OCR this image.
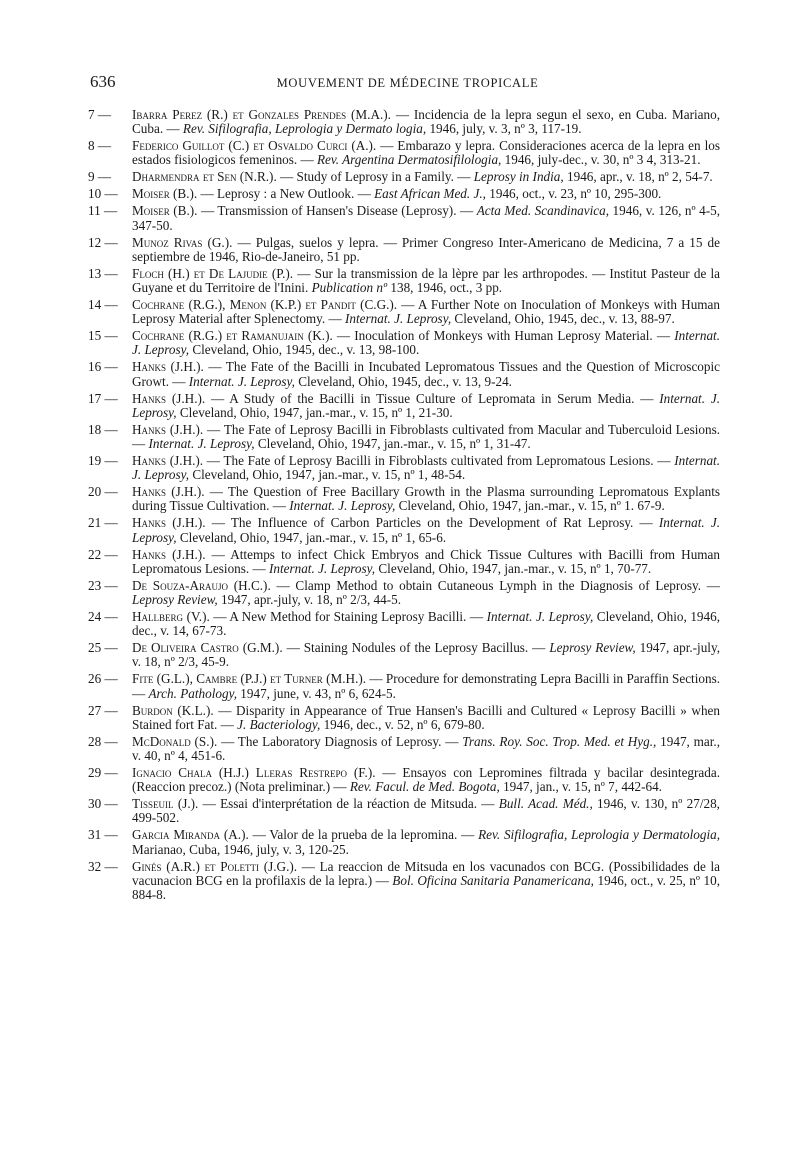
636	MOUVEMENT DE MÉDECINE TROPICALE
7 —	Ibarra Perez (R.) et Gonzales Prendes (M.A.). — Incidencia de la lepra segun el sexo, en Cuba. Mariano, Cuba. — Rev. Sifilografia, Leprologia y Dermato logia, 1946, july, v. 3, nº 3, 117-19.
8 —	Federico Guillot (C.) et Osvaldo Curci (A.). — Embarazo y lepra. Consideraciones acerca de la lepra en los estados fisiologicos femeninos. — Rev. Argentina Dermatosifilologia, 1946, july-dec., v. 30, nº 3 4, 313-21.
9 —	Dharmendra et Sen (N.R.). — Study of Leprosy in a Family. — Leprosy in India, 1946, apr., v. 18, nº 2, 54-7.
10 —	Moiser (B.). — Leprosy : a New Outlook. — East African Med. J., 1946, oct., v. 23, nº 10, 295-300.
11 —	Moiser (B.). — Transmission of Hansen's Disease (Leprosy). — Acta Med. Scandinavica, 1946, v. 126, nº 4-5, 347-50.
12 —	Munoz Rivas (G.). — Pulgas, suelos y lepra. — Primer Congreso Inter-Americano de Medicina, 7 a 15 de septiembre de 1946, Rio-de-Janeiro, 51 pp.
13 —	Floch (H.) et De Lajudie (P.). — Sur la transmission de la lèpre par les arthropodes. — Institut Pasteur de la Guyane et du Territoire de l'Inini. Publication nº 138, 1946, oct., 3 pp.
14 —	Cochrane (R.G.), Menon (K.P.) et Pandit (C.G.). — A Further Note on Inoculation of Monkeys with Human Leprosy Material after Splenectomy. — Internat. J. Leprosy, Cleveland, Ohio, 1945, dec., v. 13, 88-97.
15 —	Cochrane (R.G.) et Ramanujain (K.). — Inoculation of Monkeys with Human Leprosy Material. — Internat. J. Leprosy, Cleveland, Ohio, 1945, dec., v. 13, 98-100.
16 —	Hanks (J.H.). — The Fate of the Bacilli in Incubated Lepromatous Tissues and the Question of Microscopic Growt. — Internat. J. Leprosy, Cleveland, Ohio, 1945, dec., v. 13, 9-24.
17 —	Hanks (J.H.). — A Study of the Bacilli in Tissue Culture of Lepromata in Serum Media. — Internat. J. Leprosy, Cleveland, Ohio, 1947, jan.-mar., v. 15, nº 1, 21-30.
18 —	Hanks (J.H.). — The Fate of Leprosy Bacilli in Fibroblasts cultivated from Macular and Tuberculoid Lesions. — Internat. J. Leprosy, Cleveland, Ohio, 1947, jan.-mar., v. 15, nº 1, 31-47.
19 —	Hanks (J.H.). — The Fate of Leprosy Bacilli in Fibroblasts cultivated from Lepromatous Lesions. — Internat. J. Leprosy, Cleveland, Ohio, 1947, jan.-mar., v. 15, nº 1, 48-54.
20 —	Hanks (J.H.). — The Question of Free Bacillary Growth in the Plasma surrounding Lepromatous Explants during Tissue Cultivation. — Internat. J. Leprosy, Cleveland, Ohio, 1947, jan.-mar., v. 15, nº 1. 67-9.
21 —	Hanks (J.H.). — The Influence of Carbon Particles on the Development of Rat Leprosy. — Internat. J. Leprosy, Cleveland, Ohio, 1947, jan.-mar., v. 15, nº 1, 65-6.
22 —	Hanks (J.H.). — Attemps to infect Chick Embryos and Chick Tissue Cultures with Bacilli from Human Lepromatous Lesions. — Internat. J. Leprosy, Cleveland, Ohio, 1947, jan.-mar., v. 15, nº 1, 70-77.
23 —	De Souza-Araujo (H.C.). — Clamp Method to obtain Cutaneous Lymph in the Diagnosis of Leprosy. — Leprosy Review, 1947, apr.-july, v. 18, nº 2/3, 44-5.
24 —	Hallberg (V.). — A New Method for Staining Leprosy Bacilli. — Internat. J. Leprosy, Cleveland, Ohio, 1946, dec., v. 14, 67-73.
25 —	De Oliveira Castro (G.M.). — Staining Nodules of the Leprosy Bacillus. — Leprosy Review, 1947, apr.-july, v. 18, nº 2/3, 45-9.
26 —	Fite (G.L.), Cambre (P.J.) et Turner (M.H.). — Procedure for demonstrating Lepra Bacilli in Paraffin Sections. — Arch. Pathology, 1947, june, v. 43, nº 6, 624-5.
27 —	Burdon (K.L.). — Disparity in Appearance of True Hansen's Bacilli and Cultured « Leprosy Bacilli » when Stained fort Fat. — J. Bacteriology, 1946, dec., v. 52, nº 6, 679-80.
28 —	McDonald (S.). — The Laboratory Diagnosis of Leprosy. — Trans. Roy. Soc. Trop. Med. et Hyg., 1947, mar., v. 40, nº 4, 451-6.
29 —	Ignacio Chala (H.J.) Lleras Restrepo (F.). — Ensayos con Lepromines filtrada y bacilar desintegrada. (Reaccion precoz.) (Nota preliminar.) — Rev. Facul. de Med. Bogota, 1947, jan., v. 15, nº 7, 442-64.
30 —	Tisseuil (J.). — Essai d'interprétation de la réaction de Mitsuda. — Bull. Acad. Méd., 1946, v. 130, nº 27/28, 499-502.
31 —	Garcia Miranda (A.). — Valor de la prueba de la lepromina. — Rev. Sifilografia, Leprologia y Dermatologia, Marianao, Cuba, 1946, july, v. 3, 120-25.
32 —	Ginés (A.R.) et Poletti (J.G.). — La reaccion de Mitsuda en los vacunados con BCG. (Possibilidades de la vacunacion BCG en la profilaxis de la lepra.) — Bol. Oficina Sanitaria Panamericana, 1946, oct., v. 25, nº 10, 884-8.
